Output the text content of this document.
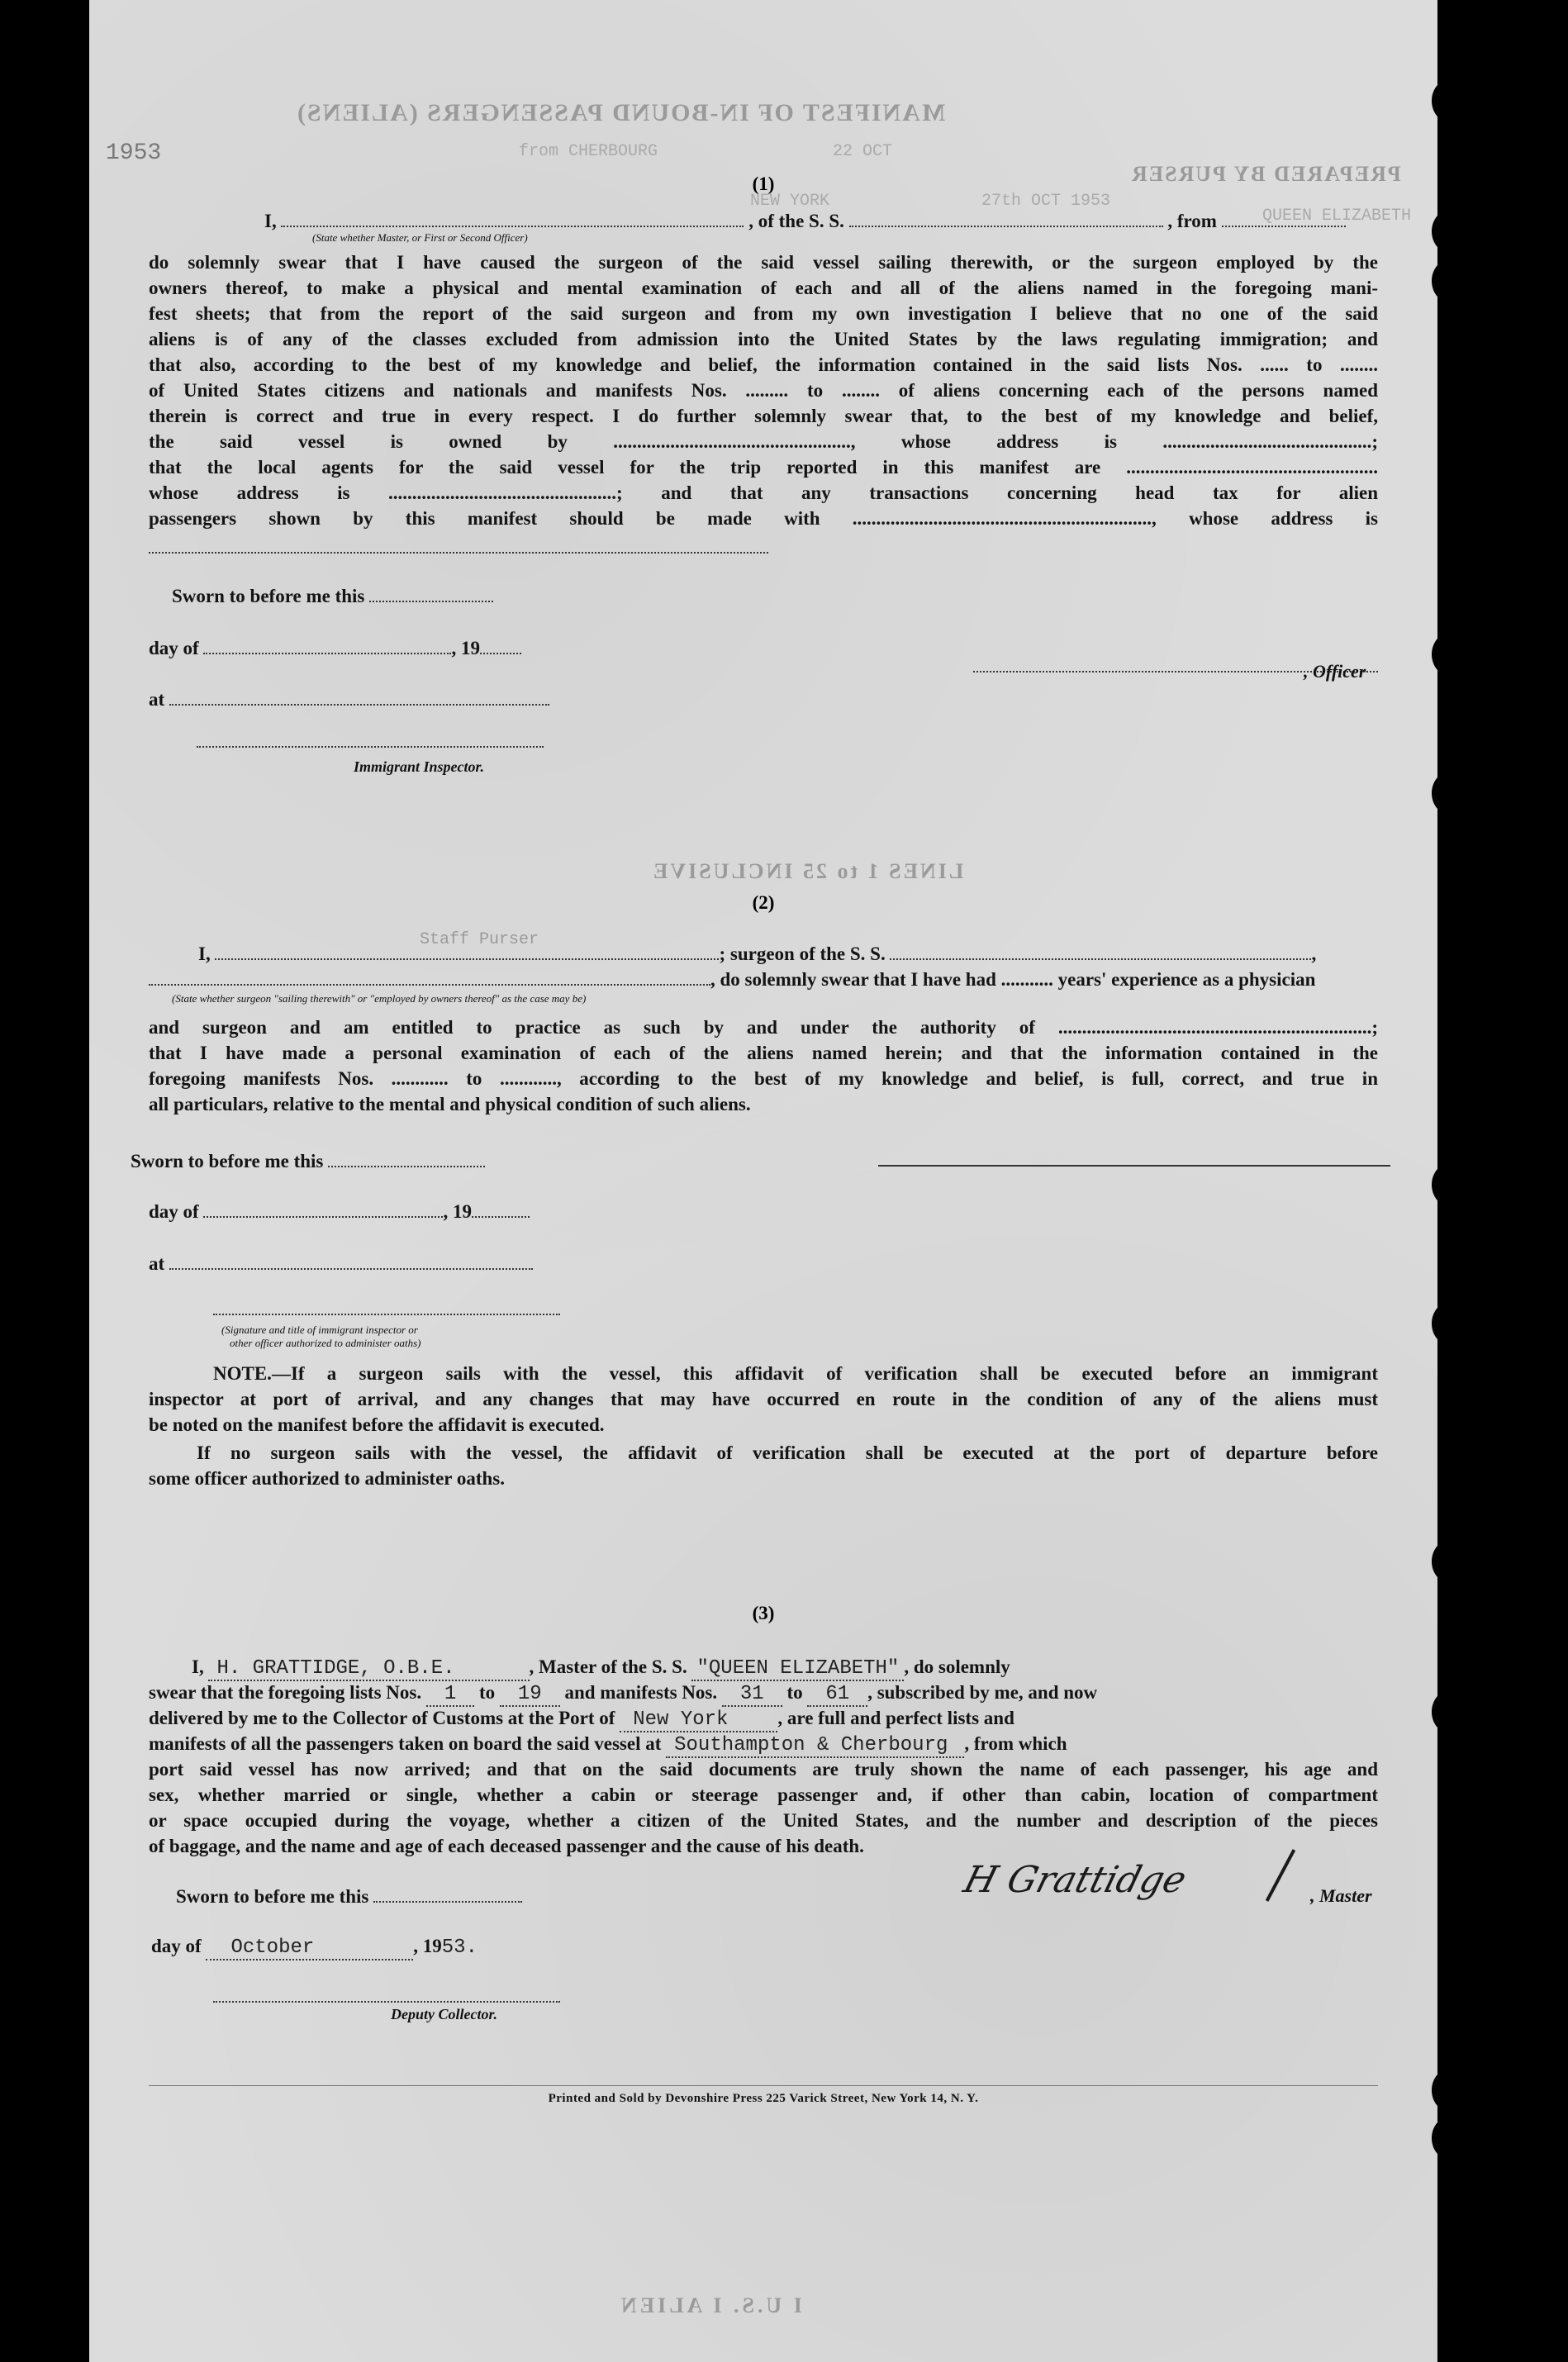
MANIFEST OF IN-BOUND PASSENGERS (ALIENS)
PREPARED BY PURSER
1953	from CHERBOURG	22 OCT
NEW YORK	27th OCT 1953
QUEEN ELIZABETH
(1)
I,	, of the S. S.	, from
(State whether Master, or First or Second Officer)
do solemnly swear that I have caused the surgeon of the said vessel sailing therewith, or the surgeon employed by the
owners thereof, to make a physical and mental examination of each and all of the aliens named in the foregoing mani-
fest sheets; that from the report of the said surgeon and from my own investigation I believe that no one of the said
aliens is of any of the classes excluded from admission into the United States by the laws regulating immigration; and
that also, according to the best of my knowledge and belief, the information contained in the said lists Nos. ...... to ........
of United States citizens and nationals and manifests Nos. ......... to ........ of aliens concerning each of the persons named
therein is correct and true in every respect. I do further solemnly swear that, to the best of my knowledge and belief,
the said vessel is owned by .................................................., whose address is ............................................;
that the local agents for the said vessel for the trip reported in this manifest are .....................................................
whose address is ................................................; and that any transactions concerning head tax for alien
passengers shown by this manifest should be made with ..............................................................., whose address is
Sworn to before me this
day of	, 19
, Officer
at
Immigrant Inspector.
LINES 1 to 25 INCLUSIVE
(2)
I,	; surgeon of the S. S.	,
Staff Purser
, do solemnly swear that I have had ........... years' experience as a physician
(State whether surgeon "sailing therewith" or "employed by owners thereof" as the case may be)
and surgeon and am entitled to practice as such by and under the authority of ..................................................................;
that I have made a personal examination of each of the aliens named herein; and that the information contained in the
foregoing manifests Nos. ............ to ............, according to the best of my knowledge and belief, is full, correct, and true in
all particulars, relative to the mental and physical condition of such aliens.
Sworn to before me this
day of	, 19
at
(Signature and title of immigrant inspector or
other officer authorized to administer oaths)
NOTE.—If a surgeon sails with the vessel, this affidavit of verification shall be executed before an immigrant
inspector at port of arrival, and any changes that may have occurred en route in the condition of any of the aliens must
be noted on the manifest before the affidavit is executed.
If no surgeon sails with the vessel, the affidavit of verification shall be executed at the port of departure before
some officer authorized to administer oaths.
(3)
I, H. GRATTIDGE, O.B.E.	, Master of the S. S. "QUEEN ELIZABETH" , do solemnly
swear that the foregoing lists Nos. 1 to 19 and manifests Nos. 31 to 61 , subscribed by me, and now
delivered by me to the Collector of Customs at the Port of New York	, are full and perfect lists and
manifests of all the passengers taken on board the said vessel at Southampton & Cherbourg , from which
port said vessel has now arrived; and that on the said documents are truly shown the name of each passenger, his age and
sex, whether married or single, whether a cabin or steerage passenger and, if other than cabin, location of compartment
or space occupied during the voyage, whether a citizen of the United States, and the number and description of the pieces
of baggage, and the name and age of each deceased passenger and the cause of his death.
Sworn to before me this	H Grattidge	, Master
day of October	, 1953.
Deputy Collector.
Printed and Sold by Devonshire Press 225 Varick Street, New York 14, N. Y.
I U.S. I ALIEN
